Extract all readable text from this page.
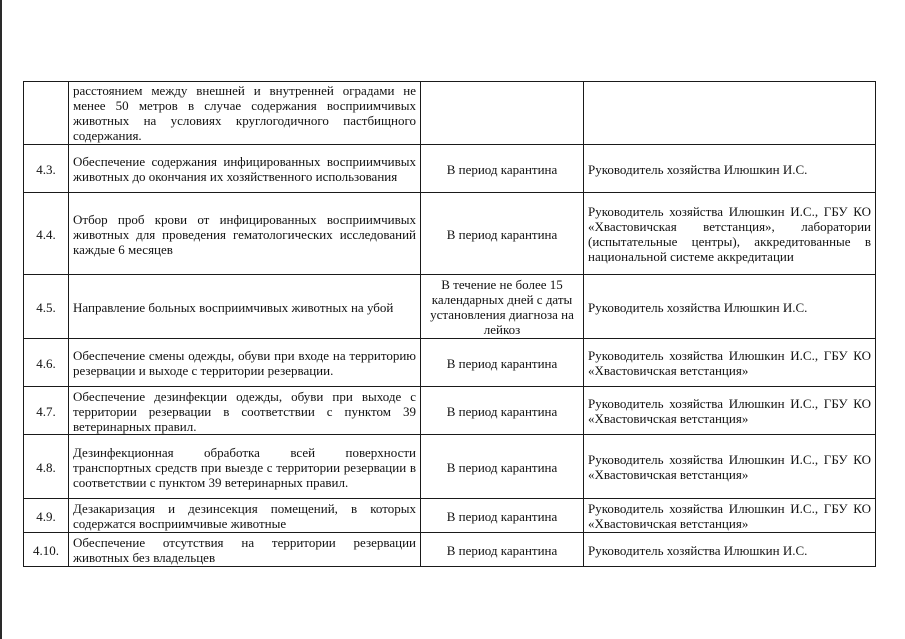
	расстоянием между внешней и внутренней оградами не менее 50 метров в случае содержания восприимчивых животных на условиях круглогодичного пастбищного содержания.		
4.3.	Обеспечение содержания инфицированных восприимчивых животных до окончания их хозяйственного использования	В период карантина	Руководитель хозяйства Илюшкин И.С.
4.4.	Отбор проб крови от инфицированных восприимчивых животных для проведения гематологических исследований каждые 6 месяцев	В период карантина	Руководитель хозяйства Илюшкин И.С., ГБУ КО «Хвастовичская ветстанция», лаборатории (испытательные центры), аккредитованные в национальной системе аккредитации
4.5.	Направление больных восприимчивых животных на убой	В течение не более 15 календарных дней с даты установления диагноза на лейкоз	Руководитель хозяйства Илюшкин И.С.
4.6.	Обеспечение смены одежды, обуви при входе на территорию резервации и выходе с территории резервации.	В период карантина	Руководитель хозяйства Илюшкин И.С., ГБУ КО «Хвастовичская ветстанция»
4.7.	Обеспечение дезинфекции одежды, обуви при выходе с территории резервации в соответствии с пунктом 39 ветеринарных правил.	В период карантина	Руководитель хозяйства Илюшкин И.С., ГБУ КО «Хвастовичская ветстанция»
4.8.	Дезинфекционная обработка всей поверхности транспортных средств при выезде с территории резервации в соответствии с пунктом 39 ветеринарных правил.	В период карантина	Руководитель хозяйства Илюшкин И.С., ГБУ КО «Хвастовичская ветстанция»
4.9.	Дезакаризация и дезинсекция помещений, в которых содержатся восприимчивые животные	В период карантина	Руководитель хозяйства Илюшкин И.С., ГБУ КО «Хвастовичская ветстанция»
4.10.	Обеспечение отсутствия на территории резервации животных без владельцев	В период карантина	Руководитель хозяйства Илюшкин И.С.
